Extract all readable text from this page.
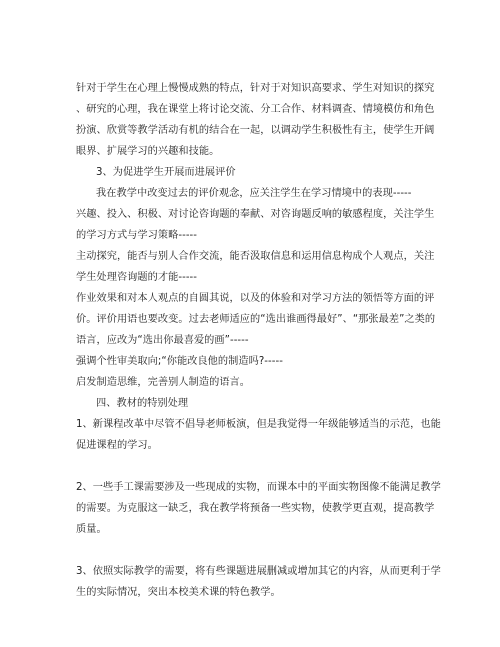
针对于学生在心理上慢慢成熟的特点，针对于对知识高要求、学生对知识的探究
、研究的心理，我在课堂上将讨论交流、分工合作、材料调查、情境模仿和角色
扮演、欣赏等教学活动有机的结合在一起，以调动学生积极性有主，使学生开阔
眼界、扩展学习的兴趣和技能。
3、为促进学生开展而进展评价
我在教学中改变过去的评价观念，应关注学生在学习情境中的表现-----
兴趣、投入、积极、对讨论咨询题的奉献、对咨询题反响的敏感程度，关注学生
的学习方式与学习策略-----
主动探究，能否与别人合作交流，能否汲取信息和运用信息构成个人观点，关注
学生处理咨询题的才能-----
作业效果和对本人观点的自圆其说，以及的体验和对学习方法的领悟等方面的评
价。评价用语也要改变。过去老师适应的“选出谁画得最好”、“那张最差”之类的
语言，应改为“选出你最喜爱的画”-----
强调个性审美取向;“你能改良他的制造吗?-----
启发制造思维，完善别人制造的语言。
四、教材的特别处理
1、新课程改革中尽管不倡导老师板演，但是我觉得一年级能够适当的示范，也能
促进课程的学习。
2、一些手工课需要涉及一些现成的实物，而课本中的平面实物图像不能满足教学
的需要。为克服这一缺乏，我在教学将预备一些实物，使教学更直观，提高教学
质量。
3、依照实际教学的需要，将有些课题进展删减或增加其它的内容，从而更利于学
生的实际情况，突出本校美术课的特色教学。
